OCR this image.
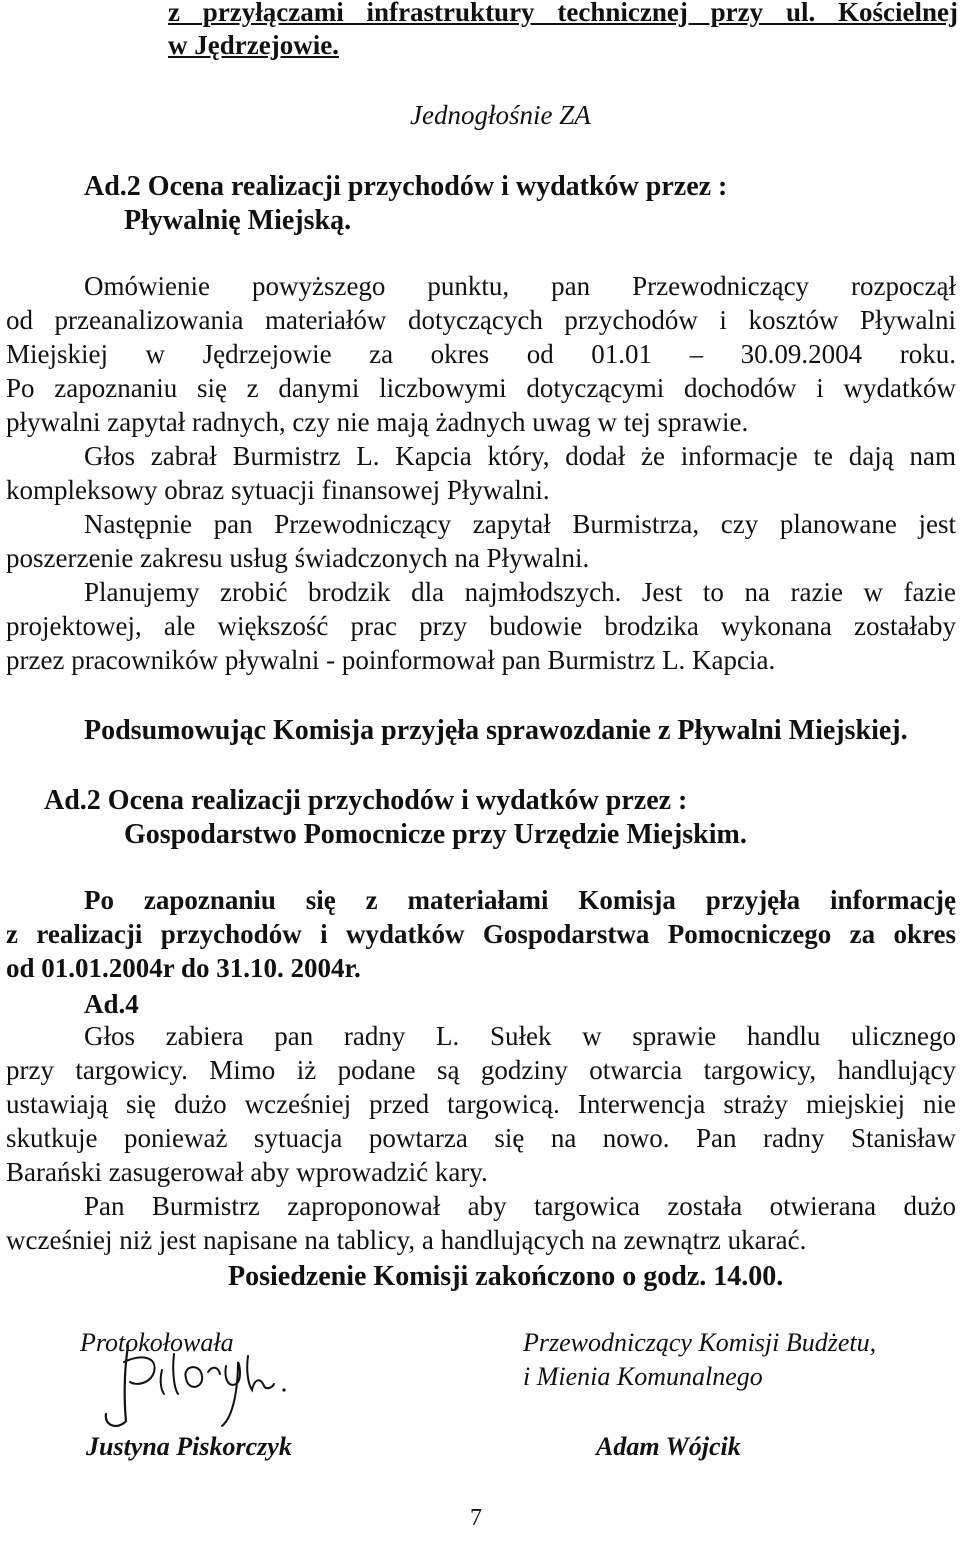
z przyłączami infrastruktury technicznej przy ul. Kościelnej
w Jędrzejowie.
Jednogłośnie ZA
Ad.2 Ocena realizacji przychodów i wydatków przez :
Pływalnię Miejską.
Omówienie powyższego punktu, pan Przewodniczący rozpoczął
od przeanalizowania materiałów dotyczących przychodów i kosztów Pływalni
Miejskiej w Jędrzejowie za okres od 01.01 – 30.09.2004 roku.
Po zapoznaniu się z danymi liczbowymi dotyczącymi dochodów i wydatków
pływalni zapytał radnych, czy nie mają żadnych uwag w tej sprawie.
Głos zabrał Burmistrz L. Kapcia który, dodał że informacje te dają nam
kompleksowy obraz sytuacji finansowej Pływalni.
Następnie pan Przewodniczący zapytał Burmistrza, czy planowane jest
poszerzenie zakresu usług świadczonych na Pływalni.
Planujemy zrobić brodzik dla najmłodszych. Jest to na razie w fazie
projektowej, ale większość prac przy budowie brodzika wykonana zostałaby
przez pracowników pływalni - poinformował pan Burmistrz L. Kapcia.
Podsumowując Komisja przyjęła sprawozdanie z Pływalni Miejskiej.
Ad.2 Ocena realizacji przychodów i wydatków przez :
Gospodarstwo Pomocnicze przy Urzędzie Miejskim.
Po zapoznaniu się z materiałami Komisja przyjęła informację
z realizacji przychodów i wydatków Gospodarstwa Pomocniczego za okres
od 01.01.2004r do 31.10. 2004r.
Ad.4
Głos zabiera pan radny L. Sułek w sprawie handlu ulicznego
przy targowicy. Mimo iż podane są godziny otwarcia targowicy, handlujący
ustawiają się dużo wcześniej przed targowicą. Interwencja straży miejskiej nie
skutkuje ponieważ sytuacja powtarza się na nowo. Pan radny Stanisław
Barański zasugerował aby wprowadzić kary.
Pan Burmistrz zaproponował aby targowica została otwierana dużo
wcześniej niż jest napisane na tablicy, a handlujących na zewnątrz ukarać.
Posiedzenie Komisji zakończono o godz. 14.00.
Protokołowała
Justyna Piskorczyk
Przewodniczący Komisji Budżetu,
i Mienia Komunalnego
Adam Wójcik
7
